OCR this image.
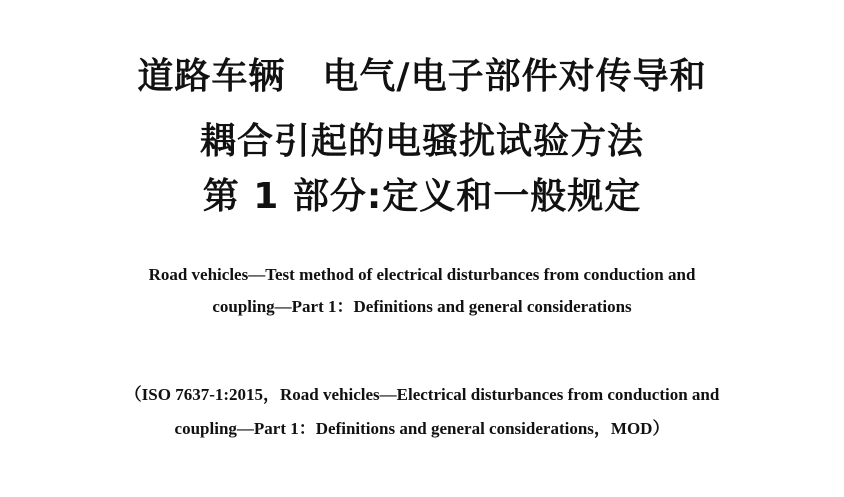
道路车辆　电气/电子部件对传导和
耦合引起的电骚扰试验方法
第 1 部分:定义和一般规定
Road vehicles—Test method of electrical disturbances from conduction and
coupling—Part 1：Definitions and general considerations
（ISO 7637-1:2015，Road vehicles—Electrical disturbances from conduction and
coupling—Part 1：Definitions and general considerations，MOD）
